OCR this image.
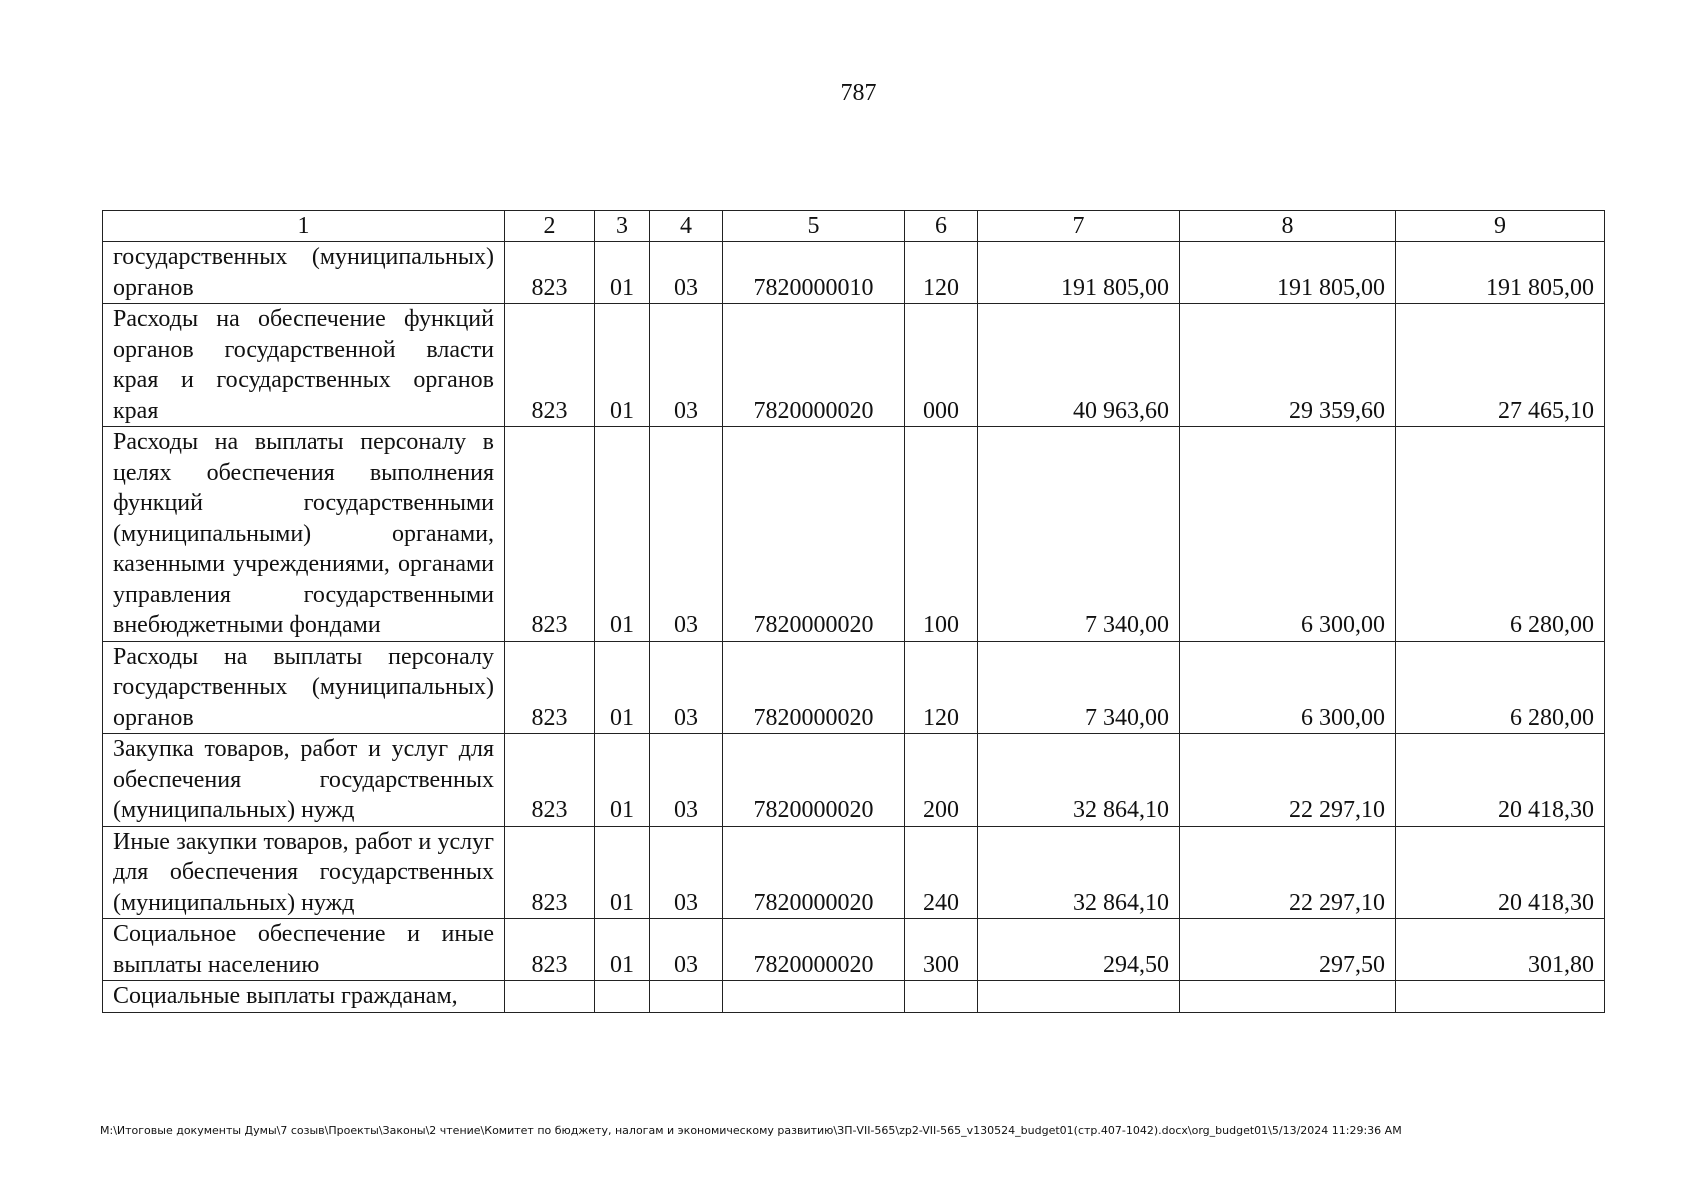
787
1	2	3	4	5	6	7	8	9
государственных (муниципальных) органов	823	01	03	7820000010	120	191 805,00	191 805,00	191 805,00
Расходы на обеспечение функций органов государственной власти края и государственных органов края	823	01	03	7820000020	000	40 963,60	29 359,60	27 465,10
Расходы на выплаты персоналу в целях обеспечения выполнения функций государственными (муниципальными) органами, казенными учреждениями, органами управления государственными внебюджетными фондами	823	01	03	7820000020	100	7 340,00	6 300,00	6 280,00
Расходы на выплаты персоналу государственных (муниципальных) органов	823	01	03	7820000020	120	7 340,00	6 300,00	6 280,00
Закупка товаров, работ и услуг для обеспечения государственных (муниципальных) нужд	823	01	03	7820000020	200	32 864,10	22 297,10	20 418,30
Иные закупки товаров, работ и услуг для обеспечения государственных (муниципальных) нужд	823	01	03	7820000020	240	32 864,10	22 297,10	20 418,30
Социальное обеспечение и иные выплаты населению	823	01	03	7820000020	300	294,50	297,50	301,80
Социальные выплаты гражданам,								
M:\Итоговые документы Думы\7 созыв\Проекты\Законы\2 чтение\Комитет по бюджету, налогам и экономическому развитию\ЗП-VII-565\zp2-VII-565_v130524_budget01(стр.407-1042).docx\org_budget01\5/13/2024 11:29:36 AM
